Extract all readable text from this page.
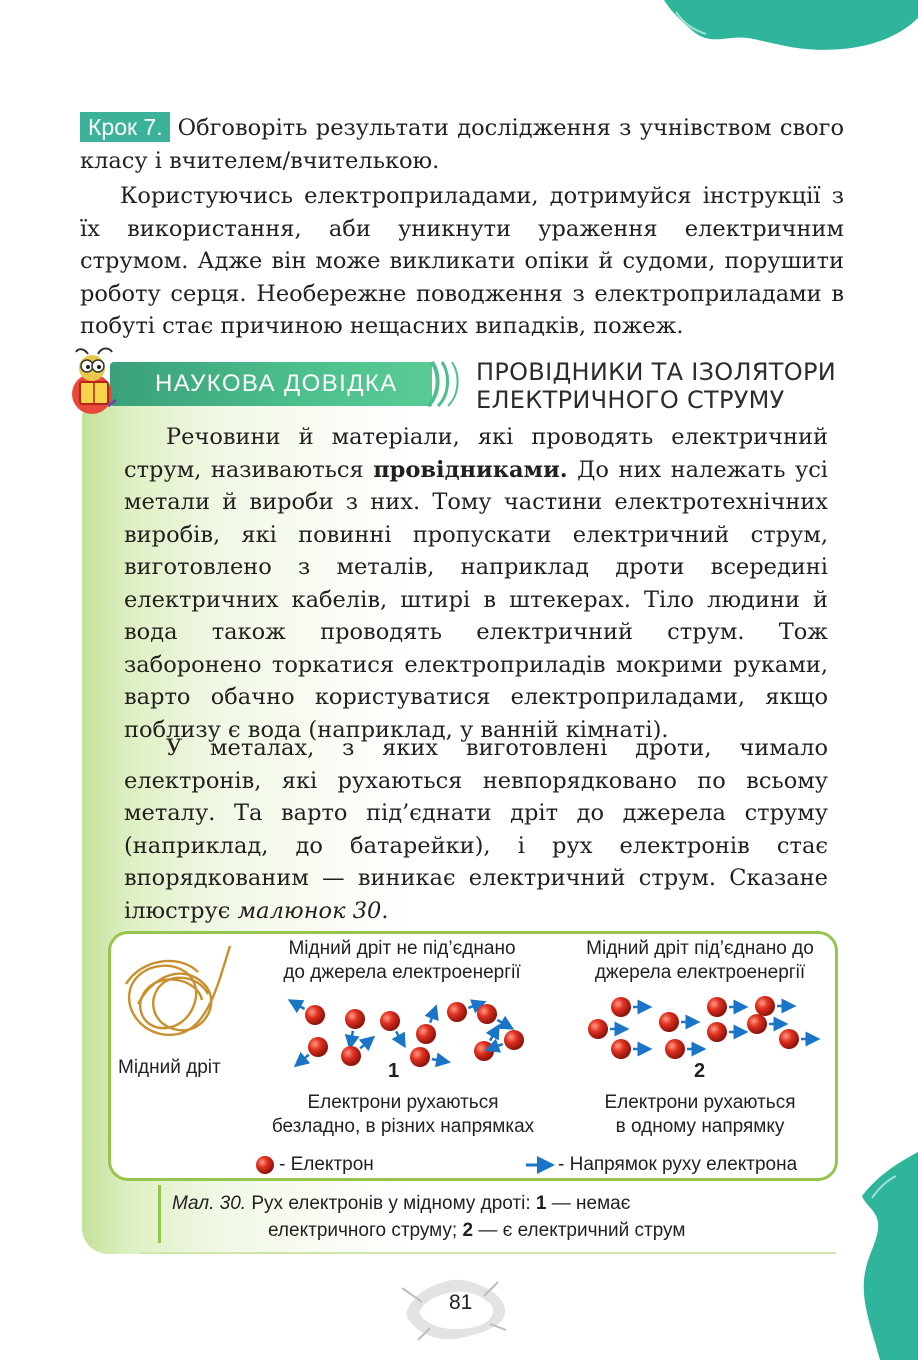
Крок 7. Обговоріть результати дослідження з учнівством свого класу і вчителем/вчителькою.

Користуючись електроприладами, дотримуйся інструкції з їх використання, аби уникнути ураження електричним струмом. Адже він може викликати опіки й судоми, порушити роботу серця. Необережне поводження з електроприладами в побуті стає причиною нещасних випадків, пожеж.

НАУКОВА ДОВІДКА	ПРОВІДНИКИ ТА ІЗОЛЯТОРИ
ЕЛЕКТРИЧНОГО СТРУМУ

Речовини й матеріали, які проводять електричний струм, називаються провідниками. До них належать усі метали й вироби з них. Тому частини електротехнічних виробів, які повинні пропускати електричний струм, виготовлено з металів, наприклад дроти всередині електричних кабелів, штирі в штекерах. Тіло людини й вода також проводять електричний струм. Тож заборонено торкатися електроприладів мокрими руками, варто обачно користуватися електроприладами, якщо поблизу є вода (наприклад, у ванній кімнаті).

У металах, з яких виготовлені дроти, чимало електронів, які рухаються невпорядковано по всьому металу. Та варто під’єднати дріт до джерела струму (наприклад, до батарейки), і рух електронів стає впорядкованим — виникає електричний струм. Сказане ілюструє малюнок 30.

Мідний дріт
Мідний дріт не під’єднано
до джерела електроенергії
1
Електрони рухаються
безладно, в різних напрямках
Мідний дріт під’єднано до
джерела електроенергії
2
Електрони рухаються
в одному напрямку
- Електрон	- Напрямок руху електрона
Мал. 30. Рух електронів у мідному дроті: 1 — немає
електричного струму; 2 — є електричний струм
81
